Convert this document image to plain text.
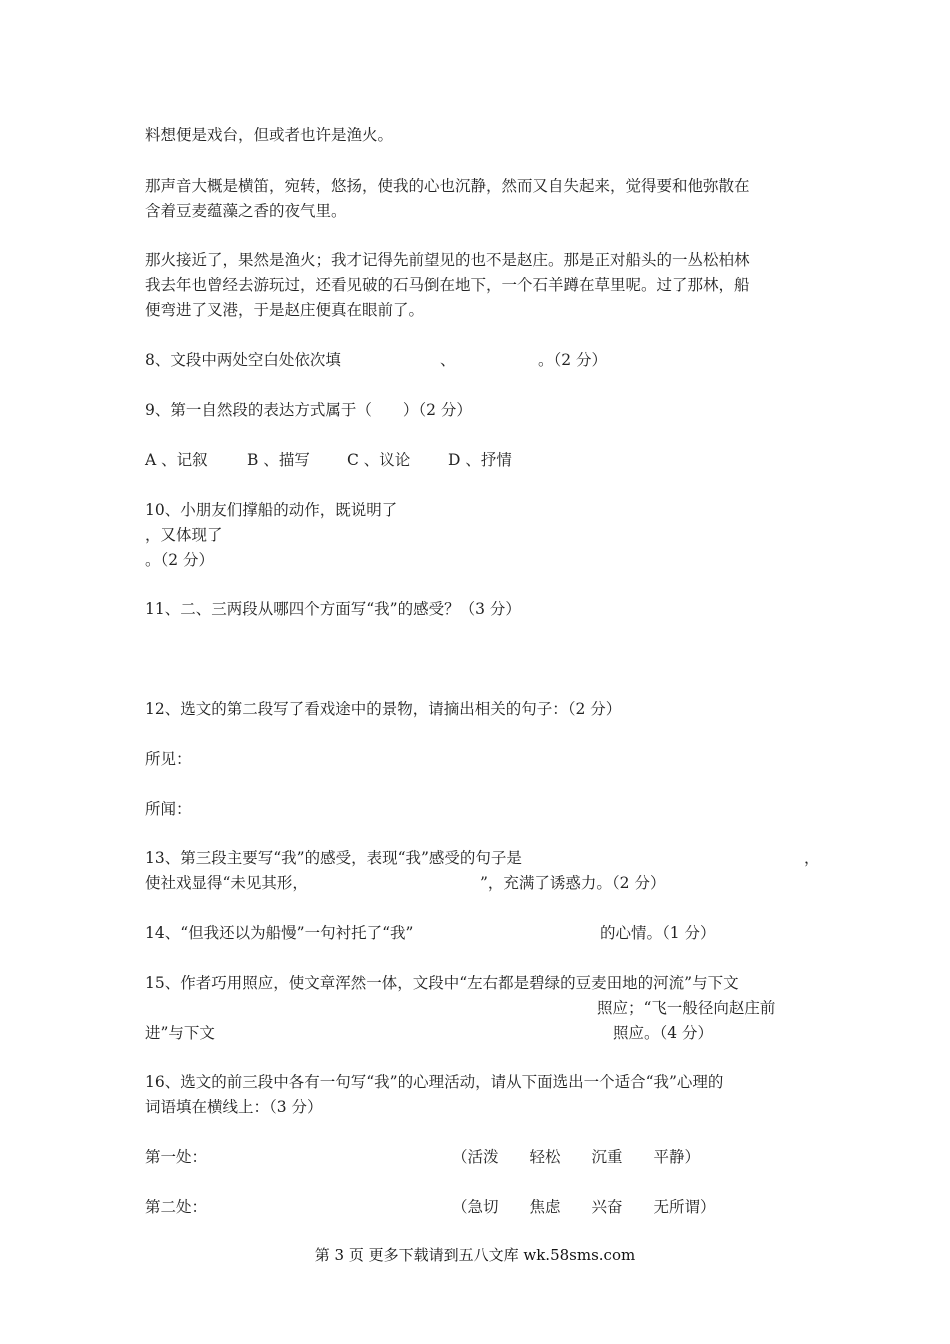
料想便是戏台，但或者也许是渔火。
那声音大概是横笛，宛转，悠扬，使我的心也沉静，然而又自失起来，觉得要和他弥散在
含着豆麦蕴藻之香的夜气里。
那火接近了，果然是渔火；我才记得先前望见的也不是赵庄。那是正对船头的一丛松柏林
我去年也曾经去游玩过，还看见破的石马倒在地下，一个石羊蹲在草里呢。过了那林，船
便弯进了叉港，于是赵庄便真在眼前了。
8、文段中两处空白处依次填	、	。（2 分）
9、第一自然段的表达方式属于（　　）（2 分）
A 、记叙	B 、描写 C 、议论 D 、抒情
10、小朋友们撑船的动作，既说明了
，又体现了
。（2 分）
11、二、三两段从哪四个方面写“我”的感受？（3 分）
12、选文的第二段写了看戏途中的景物，请摘出相关的句子：（2 分）
所见：
所闻：
13、第三段主要写“我”的感受，表现“我”感受的句子是	，
使社戏显得“未见其形，	”，充满了诱惑力。（2 分）
14、“但我还以为船慢”一句衬托了“我”	的心情。（1 分）
15、作者巧用照应，使文章浑然一体，文段中“左右都是碧绿的豆麦田地的河流”与下文
照应；“飞一般径向赵庄前
进”与下文	照应。（4 分）
16、选文的前三段中各有一句写“我”的心理活动，请从下面选出一个适合“我”心理的
词语填在横线上：（3 分）
第一处：	（活泼　　轻松　　沉重　　平静）
第二处：	（急切　　焦虑　　兴奋　　无所谓）
第 3 页 更多下载请到五八文库 wk.58sms.com
